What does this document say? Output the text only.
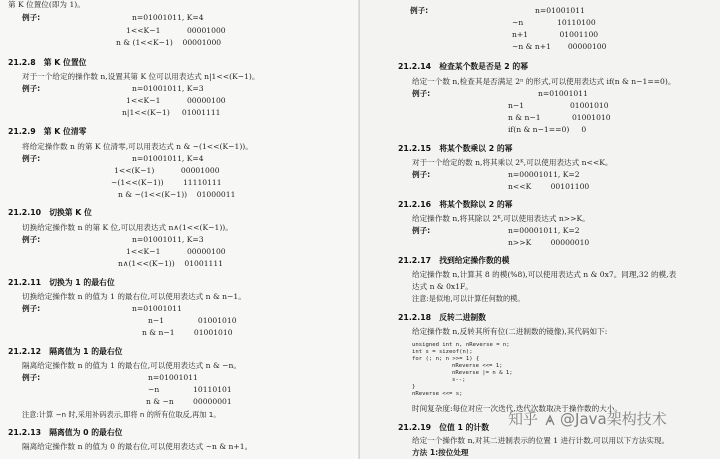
第 K 位置位(即为 1)。
例子:	n=01001011, K=4
1<<K−1           00001000
n & (1<<K−1)    00001000
21.2.8   第 K 位置位
对于一个给定的操作数 n,设置其第 K 位可以用表达式 n|1<<(K−1)。
例子:	n=01001011, K=3
1<<K−1           00000100
n|1<<(K−1)     01001111
21.2.9   第 K 位清零
将给定操作数 n 的第 K 位清零,可以用表达式 n & ~(1<<(K−1))。
例子:	n=01001011, K=4
1<<(K−1)           00001000
~(1<<(K−1))        11110111
n & ~(1<<(K−1))    01000011
21.2.10   切换第 K 位
切换给定操作数 n 的第 K 位,可以用表达式 n∧(1<<(K−1))。
例子:	n=01001011, K=3
1<<K−1           00000100
n∧(1<<(K−1))    01001111
21.2.11   切换为 1 的最右位
切换给定操作数 n 的值为 1 的最右位,可以使用表达式 n & n−1。
例子:	n=01001011
n−1              01001010
n & n−1        01001010
21.2.12   隔离值为 1 的最右位
隔离给定操作数 n 的值为 1 的最右位,可以使用表达式 n & −n。
例子:	n=01001011
−n              10110101
n & −n        00000001
注意:计算 −n 时,采用补码表示,即将 n 的所有位取反,再加 1。
21.2.13   隔离值为 0 的最右位
隔离给定操作数 n 的值为 0 的最右位,可以使用表达式 ~n & n+1。
例子:	n=01001011
~n              10110100
n+1             01001100
~n & n+1       00000100
21.2.14   检查某个数是否是 2 的幂
给定一个数 n,检查其是否满足 2ⁿ 的形式,可以使用表达式 if(n & n−1==0)。
例子:	n=01001011
n−1                   01001010
n & n−1             01001010
if(n & n−1==0)     0
21.2.15   将某个数乘以 2 的幂
对于一个给定的数 n,将其乘以 2ᴷ,可以使用表达式 n<<K。
例子:	n=00001011, K=2
n<<K        00101100
21.2.16   将某个数除以 2 的幂
给定操作数 n,将其除以 2ᴷ,可以使用表达式 n>>K。
例子:	n=00001011, K=2
n>>K        00000010
21.2.17   找到给定操作数的模
给定操作数 n,计算其 8 的模(%8),可以使用表达式 n & 0x7。同理,32 的模,表
达式 n & 0x1F。
注意:是似地,可以计算任何数的模。
21.2.18   反转二进制数
给定操作数 n,反转其所有位(二进制数的镜像),其代码如下:
unsigned int n, nReverse = n;
int s = sizeof(n);
for (; n; n >>= 1) {
nReverse <<= 1;
nReverse |= n & 1;
s--;
}
nReverse <<= s;
时间复杂度:每位对应一次迭代,迭代次数取决于操作数的大小。
21.2.19   位值 1 的计数
给定一个操作数 n,对其二进制表示的位置 1 进行计数,可以用以下方法实现。
方法 1:按位处理
知乎 @Java架构技术
